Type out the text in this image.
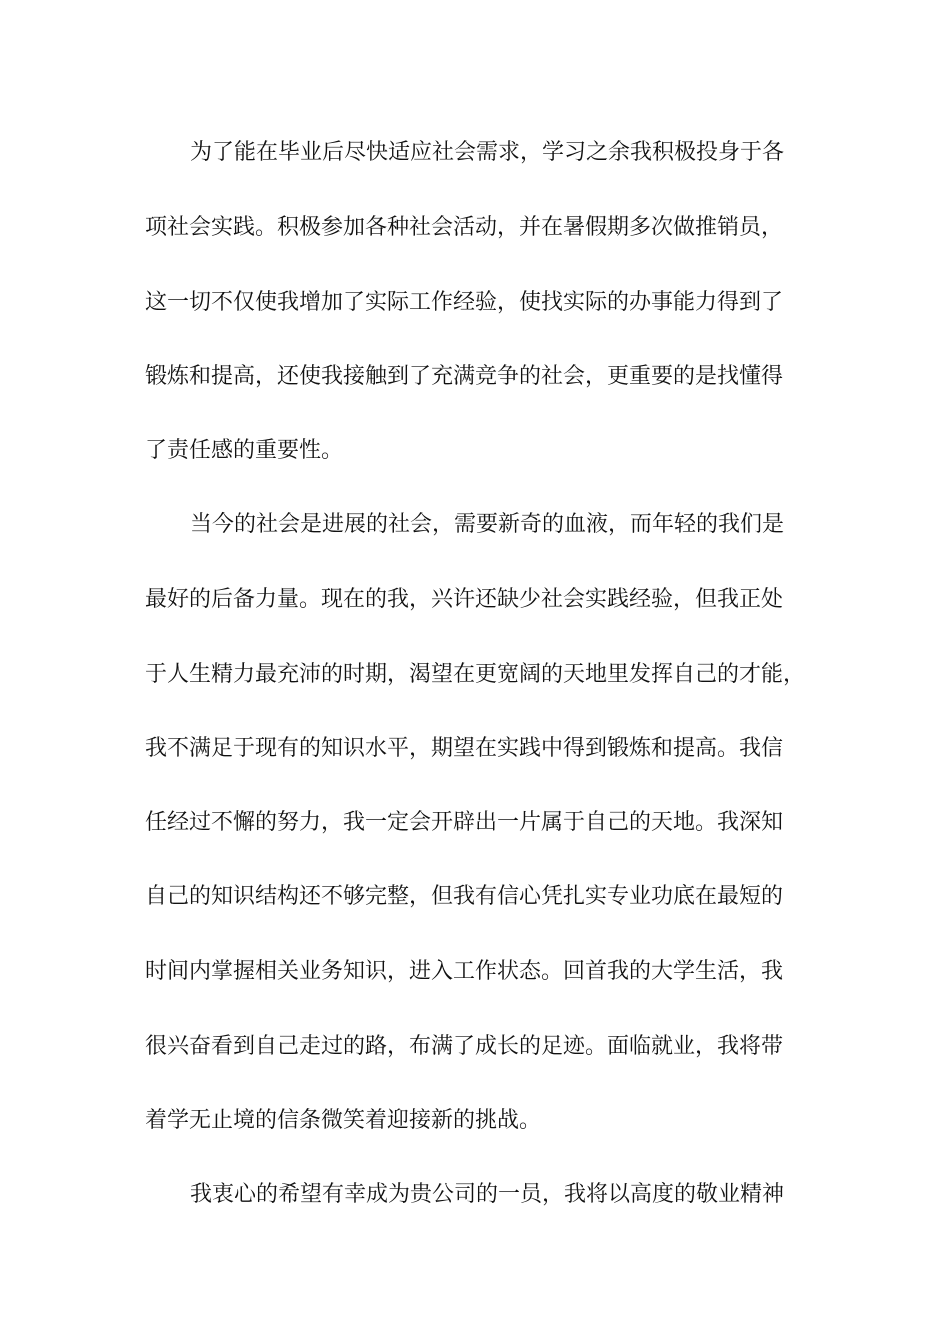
为了能在毕业后尽快适应社会需求，学习之余我积极投身于各
项社会实践。积极参加各种社会活动，并在暑假期多次做推销员，
这一切不仅使我增加了实际工作经验，使找实际的办事能力得到了
锻炼和提高，还使我接触到了充满竞争的社会，更重要的是找懂得
了责任感的重要性。
当今的社会是进展的社会，需要新奇的血液，而年轻的我们是
最好的后备力量。现在的我，兴许还缺少社会实践经验，但我正处
于人生精力最充沛的时期，渴望在更宽阔的天地里发挥自己的才能，
我不满足于现有的知识水平，期望在实践中得到锻炼和提高。我信
任经过不懈的努力，我一定会开辟出一片属于自己的天地。我深知
自己的知识结构还不够完整，但我有信心凭扎实专业功底在最短的
时间内掌握相关业务知识，进入工作状态。回首我的大学生活，我
很兴奋看到自己走过的路，布满了成长的足迹。面临就业，我将带
着学无止境的信条微笑着迎接新的挑战。
我衷心的希望有幸成为贵公司的一员，我将以高度的敬业精神
